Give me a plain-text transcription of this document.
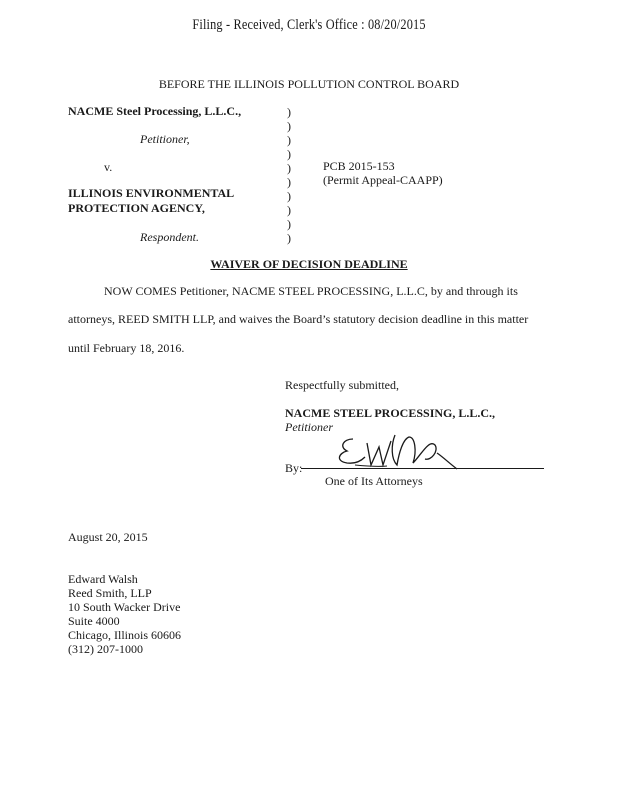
Filing - Received, Clerk's Office : 08/20/2015
BEFORE THE ILLINOIS POLLUTION CONTROL BOARD
NACME Steel Processing, L.L.C.,
Petitioner,
v.
ILLINOIS ENVIRONMENTAL
PROTECTION AGENCY,
Respondent.
)
)
)
)
)
)
)
)
)
)
PCB 2015-153
(Permit Appeal-CAAPP)
WAIVER OF DECISION DEADLINE
NOW COMES Petitioner, NACME STEEL PROCESSING, L.L.C, by and through its
attorneys, REED SMITH LLP, and waives the Board’s statutory decision deadline in this matter
until February 18, 2016.
Respectfully submitted,
NACME STEEL PROCESSING, L.L.C.,
Petitioner
By:
One of Its Attorneys
August 20, 2015
Edward Walsh
Reed Smith, LLP
10 South Wacker Drive
Suite 4000
Chicago, Illinois 60606
(312) 207-1000
